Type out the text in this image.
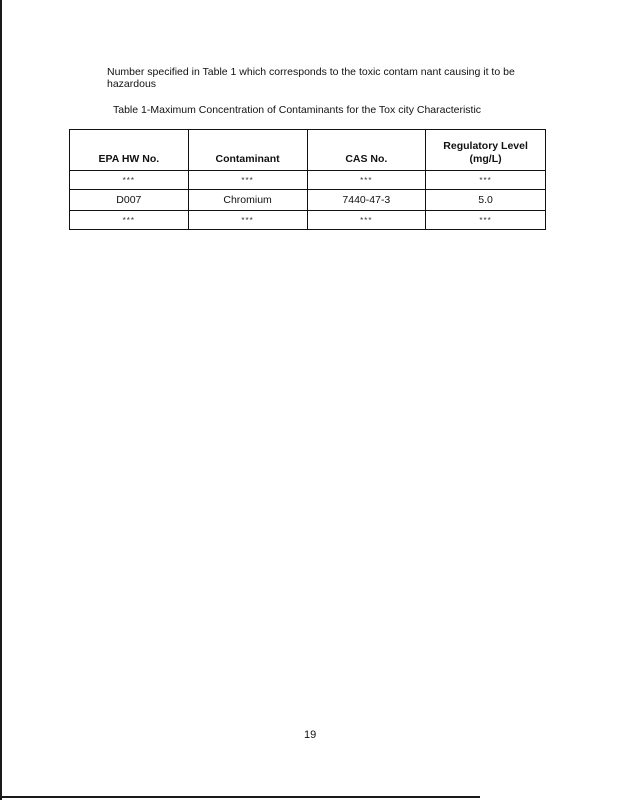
Number specified in Table 1 which corresponds to the toxic contam nant causing it to be hazardous

Table 1-Maximum Concentration of Contaminants for the Tox city Characteristic
EPA HW No.	Contaminant	CAS No.	Regulatory Level (mg/L)
***	***	***	***
D007	Chromium	7440-47-3	5.0
***	***	***	***
19
